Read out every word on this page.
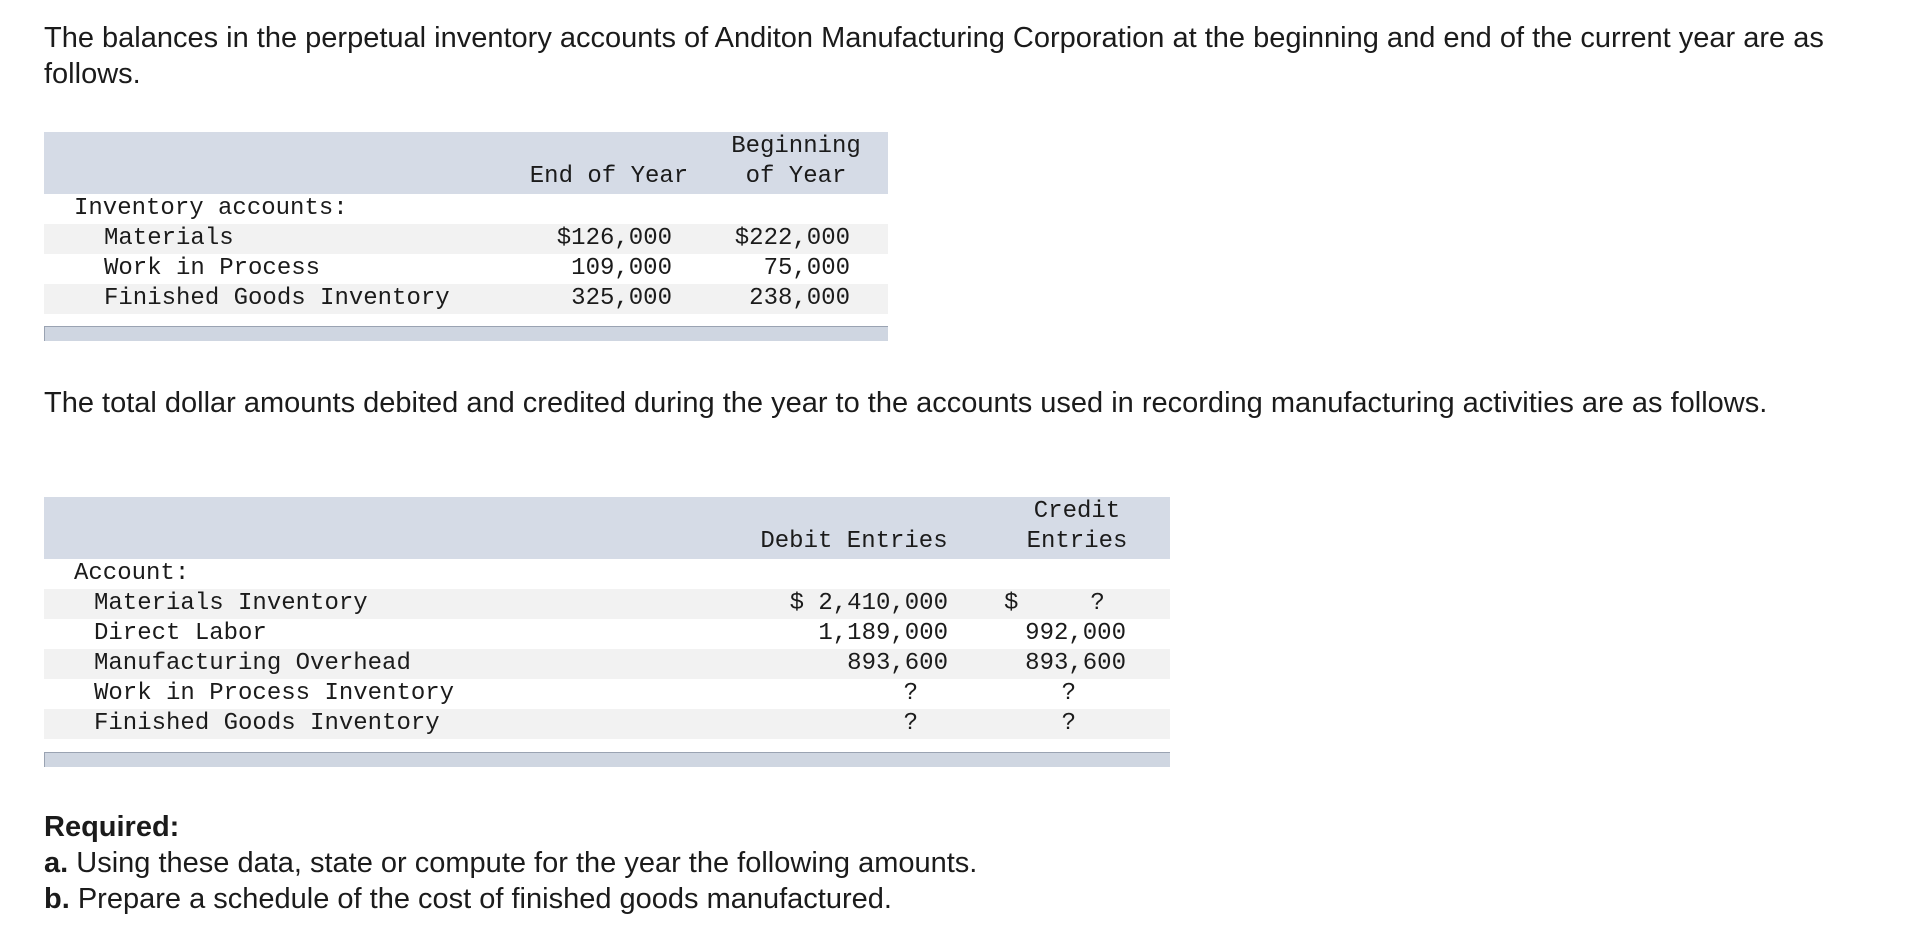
The balances in the perpetual inventory accounts of Anditon Manufacturing Corporation at the beginning and end of the current year are as follows.

	End of Year	Beginning
of Year
Inventory accounts:		
Materials	$126,000	$222,000
Work in Process	109,000	75,000
Finished Goods Inventory	325,000	238,000

The total dollar amounts debited and credited during the year to the accounts used in recording manufacturing activities are as follows.

	Debit Entries	Credit
Entries
Account:		
Materials Inventory	$ 2,410,000	$     ?
Direct Labor	1,189,000	992,000
Manufacturing Overhead	893,600	893,600
Work in Process Inventory	?	?
Finished Goods Inventory	?	?

Required:

a. Using these data, state or compute for the year the following amounts.

b. Prepare a schedule of the cost of finished goods manufactured.
